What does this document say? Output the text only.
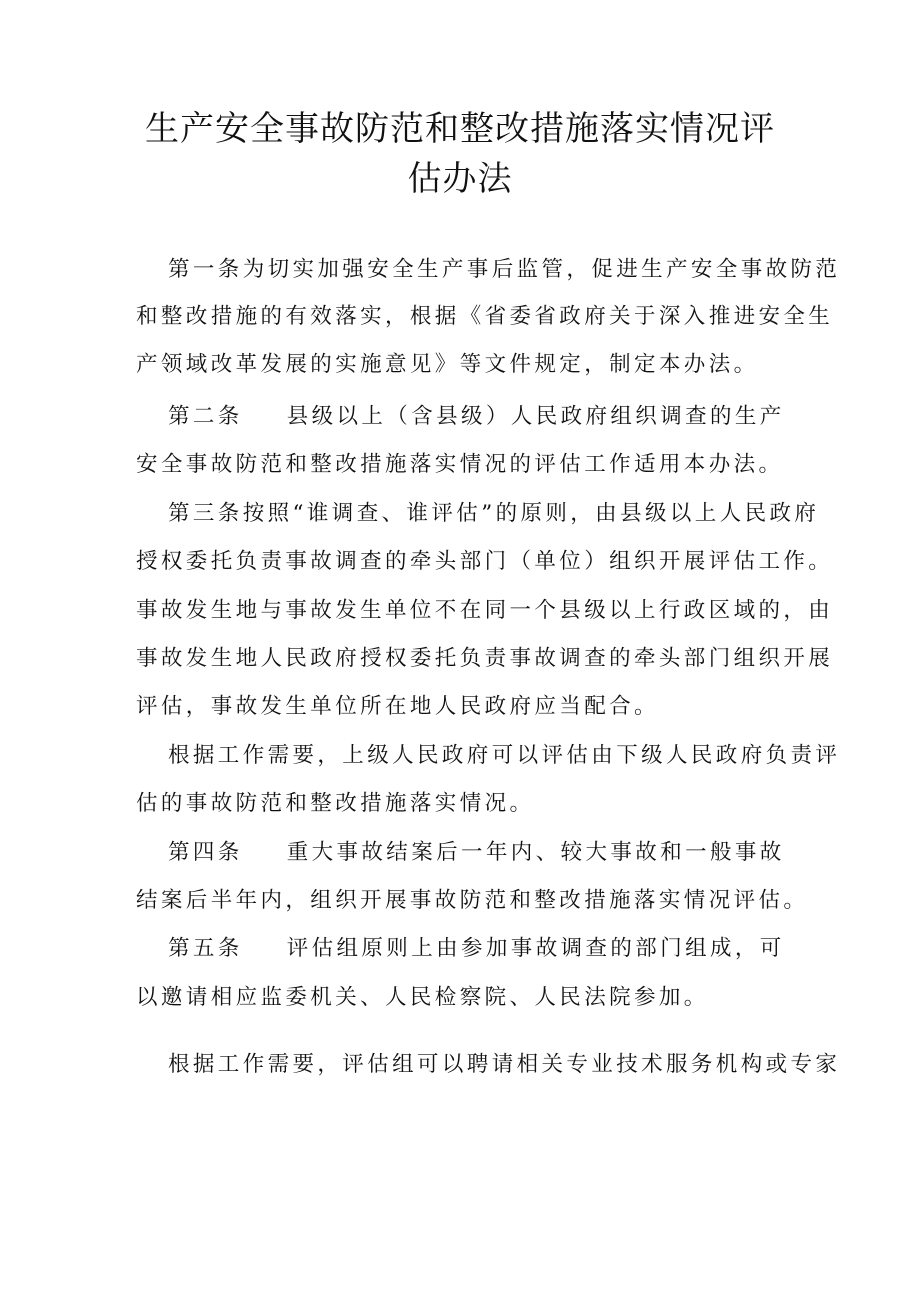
生产安全事故防范和整改措施落实情况评
估办法

第一条为切实加强安全生产事后监管，促进生产安全事故防范

和整改措施的有效落实，根据《省委省政府关于深入推进安全生

产领域改革发展的实施意见》等文件规定，制定本办法。

第二条 县级以上（含县级）人民政府组织调查的生产

安全事故防范和整改措施落实情况的评估工作适用本办法。

第三条按照“谁调查、谁评估”的原则，由县级以上人民政府

授权委托负责事故调查的牵头部门（单位）组织开展评估工作。

事故发生地与事故发生单位不在同一个县级以上行政区域的，由

事故发生地人民政府授权委托负责事故调查的牵头部门组织开展

评估，事故发生单位所在地人民政府应当配合。

根据工作需要，上级人民政府可以评估由下级人民政府负责评

估的事故防范和整改措施落实情况。

第四条 重大事故结案后一年内、较大事故和一般事故

结案后半年内，组织开展事故防范和整改措施落实情况评估。

第五条 评估组原则上由参加事故调查的部门组成，可

以邀请相应监委机关、人民检察院、人民法院参加。

根据工作需要，评估组可以聘请相关专业技术服务机构或专家
